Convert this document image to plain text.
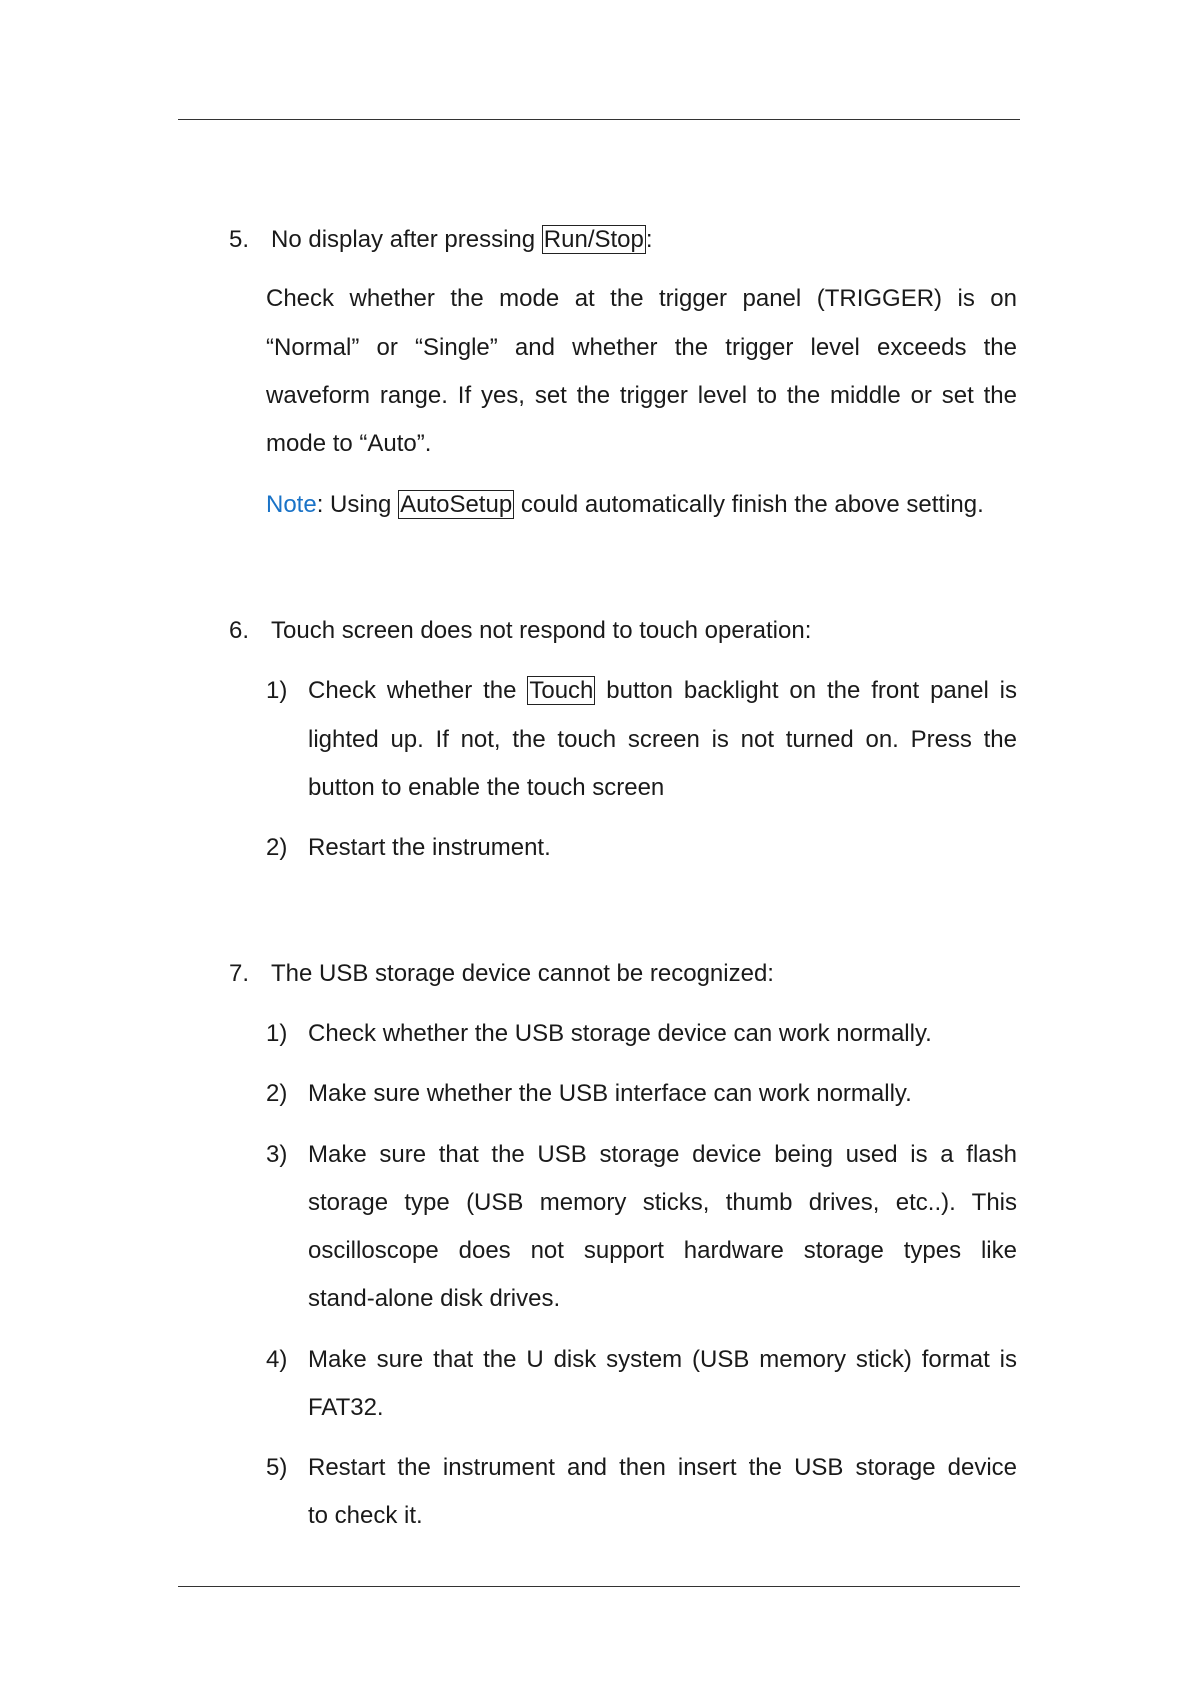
5. No display after pressing Run/Stop:
Check whether the mode at the trigger panel (TRIGGER) is on
“Normal” or “Single” and whether the trigger level exceeds the
waveform range. If yes, set the trigger level to the middle or set the
mode to “Auto”.
Note: Using AutoSetup could automatically finish the above setting.
6. Touch screen does not respond to touch operation:
1) Check whether the Touch button backlight on the front panel is
lighted up. If not, the touch screen is not turned on. Press the
button to enable the touch screen
2) Restart the instrument.
7. The USB storage device cannot be recognized:
1) Check whether the USB storage device can work normally.
2) Make sure whether the USB interface can work normally.
3) Make sure that the USB storage device being used is a flash
storage type (USB memory sticks, thumb drives, etc..). This
oscilloscope does not support hardware storage types like
stand-alone disk drives.
4) Make sure that the U disk system (USB memory stick) format is
FAT32.
5) Restart the instrument and then insert the USB storage device
to check it.
